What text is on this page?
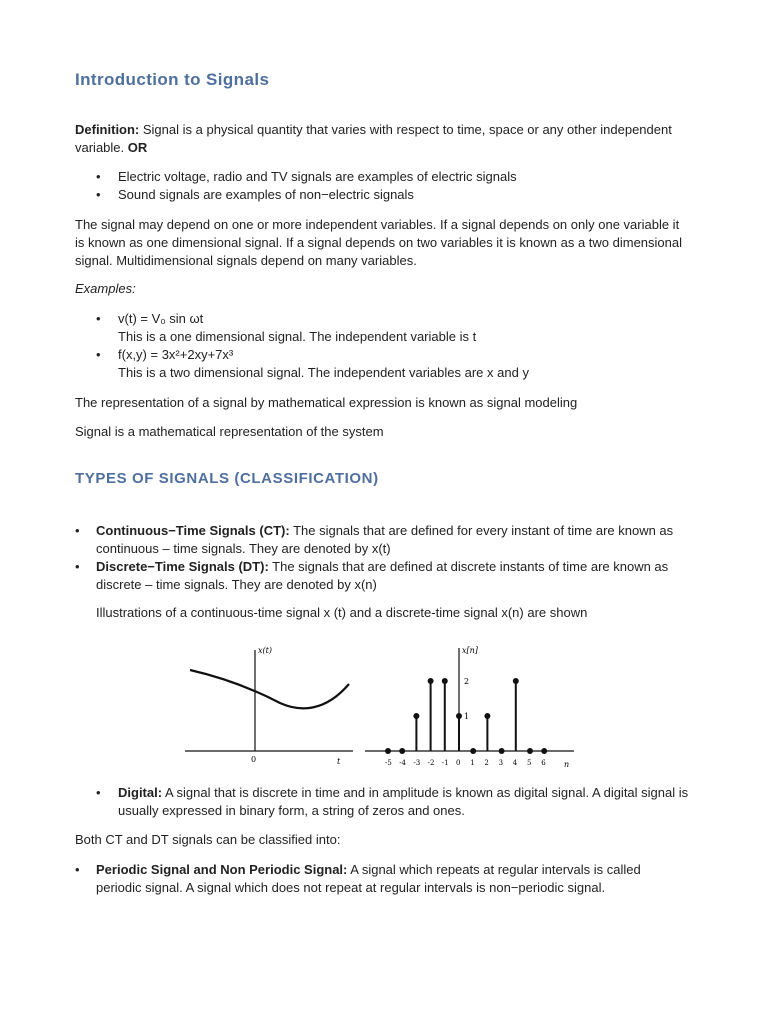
Introduction to Signals

Definition: Signal is a physical quantity that varies with respect to time, space or any other independent variable. OR

• Electric voltage, radio and TV signals are examples of electric signals
• Sound signals are examples of non−electric signals

The signal may depend on one or more independent variables. If a signal depends on only one variable it is known as one dimensional signal. If a signal depends on two variables it is known as a two dimensional signal. Multidimensional signals depend on many variables.

Examples:

• v(t) = V₀ sin ωt
This is a one dimensional signal. The independent variable is t
• f(x,y) = 3x²+2xy+7x³
This is a two dimensional signal. The independent variables are x and y

The representation of a signal by mathematical expression is known as signal modeling

Signal is a mathematical representation of the system

TYPES OF SIGNALS (CLASSIFICATION)
• Continuous−Time Signals (CT): The signals that are defined for every instant of time are known as continuous – time signals. They are denoted by x(t)
• Discrete−Time Signals (DT): The signals that are defined at discrete instants of time are known as discrete – time signals. They are denoted by x(n)

Illustrations of a continuous-time signal x (t) and a discrete-time signal x(n) are shown

x(t)
0	t
x[n]
2
1
n
-5 -4 -3 -2 -1 0 1 2 3 4 5 6
• Digital: A signal that is discrete in time and in amplitude is known as digital signal. A digital signal is usually expressed in binary form, a string of zeros and ones.

Both CT and DT signals can be classified into:

• Periodic Signal and Non Periodic Signal: A signal which repeats at regular intervals is called periodic signal. A signal which does not repeat at regular intervals is non−periodic signal.
